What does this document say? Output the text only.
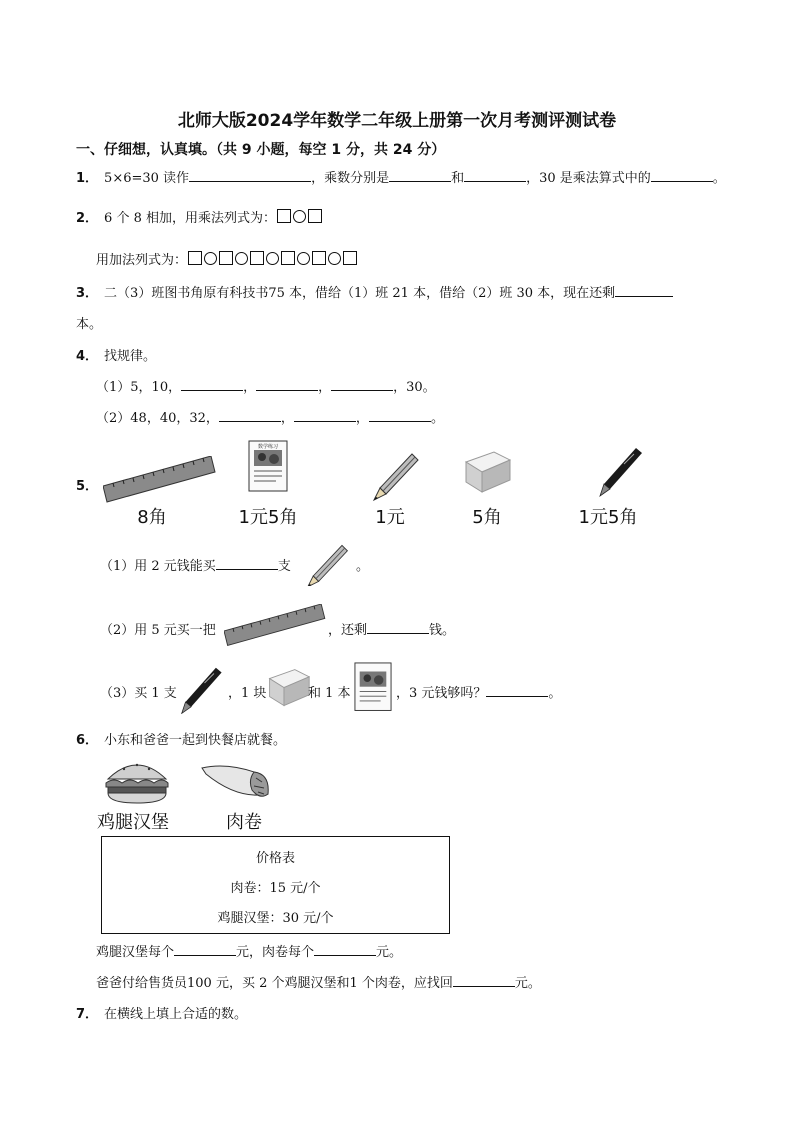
北师大版2024学年数学二年级上册第一次月考测评测试卷
一、仔细想，认真填。（共 9 小题，每空 1 分，共 24 分）
1． 5×6=30 读作	，乘数分别是	和	，30 是乘法算式中的	。
2． 6 个 8 相加，用乘法列式为：
用加法列式为：
3． 二（3）班图书角原有科技书75 本，借给（1）班 21 本，借给（2）班 30 本，现在还剩
本。
4． 找规律。
（1）5，10，	，	，	，30。
（2）48，40，32，	，	，	。
5．
数学练习
8角	1元5角	1元	5角	1元5角
（1）用 2 元钱能买	支	。
（2）用 5 元买一把	，还剩	钱。
（3）买 1 支	，1 块	和 1 本	，3 元钱够吗？	。
6． 小东和爸爸一起到快餐店就餐。
鸡腿汉堡	肉卷
价格表
肉卷：15 元/个
鸡腿汉堡：30 元/个
鸡腿汉堡每个	元，肉卷每个	元。
爸爸付给售货员100 元，买 2 个鸡腿汉堡和1 个肉卷，应找回	元。
7． 在横线上填上合适的数。
